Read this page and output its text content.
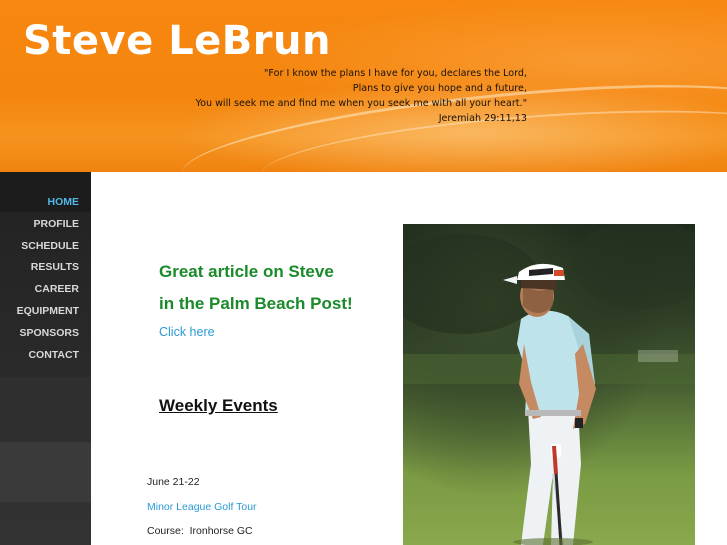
Steve LeBrun
"For I know the plans I have for you, declares the Lord,
Plans to give you hope and a future,
You will seek me and find me when you seek me with all your heart."
Jeremiah 29:11,13
HOME
PROFILE
SCHEDULE
RESULTS
CAREER
EQUIPMENT
SPONSORS
CONTACT
Great article on Steve
in the Palm Beach Post!
Click here
Weekly Events
June 21-22
Minor League Golf Tour
Course:  Ironhorse GC
